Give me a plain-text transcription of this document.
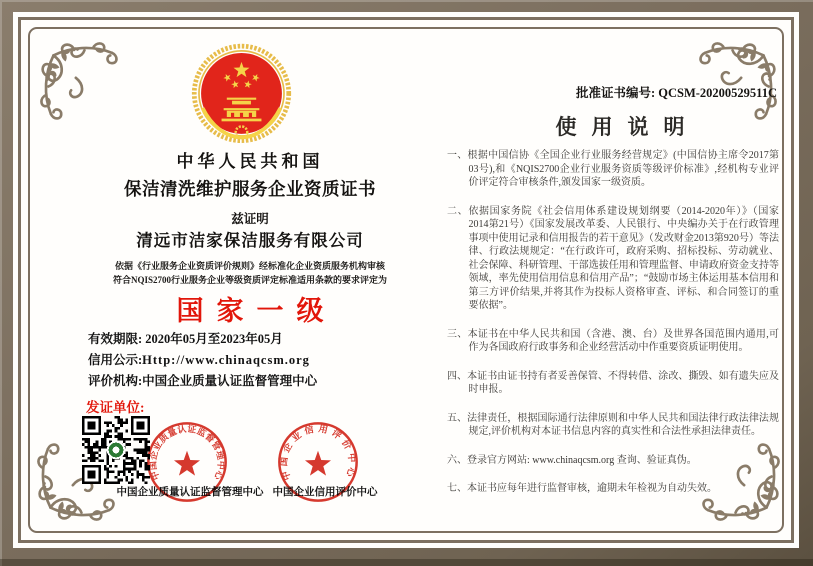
中华人民共和国
保洁清洗维护服务企业资质证书
兹证明
清远市洁家保洁服务有限公司
依据《行业服务企业资质评价规则》经标准化企业资质服务机构审核
符合NQIS2700行业服务企业等级资质评定标准适用条款的要求评定为
国家一级
有效期限: 2020年05月至2023年05月
信用公示:Http://www.chinaqcsm.org
评价机构:中国企业质量认证监督管理中心
发证单位:
中国企业质量认证监督管理中心	中国企业信用评价中心
中国企业质量认证监督管理中心 中国企业信用评价中心
批准证书编号: QCSM-20200529511C
使用说明
一、根据中国信协《全国企业行业服务经营规定》(中国信协主席令2017第03号),和《NQIS2700企业行业服务资质等级评价标准》,经机构专业评价评定符合审核条件,颁发国家一级资质。
二、依据国家务院《社会信用体系建设规划纲要（2014-2020年）》（国家2014第21号）《国家发展改革委、人民银行、中央编办关于在行政管理事项中使用记录和信用报告的若干意见》（发改财金2013第920号）等法律、行政法规规定：“在行政许可，政府采购、招标投标、劳动就业、社会保障、科研管理、干部选拔任用和管理监督、申请政府资金支持等领域，率先使用信用信息和信用产品”；“鼓励市场主体运用基本信用和第三方评价结果,并将其作为投标人资格审查、评标、和合同签订的重要依据”。
三、本证书在中华人民共和国（含港、澳、台）及世界各国范围内通用,可作为各国政府行政事务和企业经营活动中作重要资质证明使用。
四、本证书由证书持有者妥善保管、不得转借、涂改、撕毁、如有遗失应及时申报。
五、法律责任，根据国际通行法律原则和中华人民共和国法律行政法律法规规定,评价机构对本证书信息内容的真实性和合法性承担法律责任。
六、登录官方网站: www.chinaqcsm.org 查询、验证真伪。
七、本证书应每年进行监督审核，逾期未年检视为自动失效。
